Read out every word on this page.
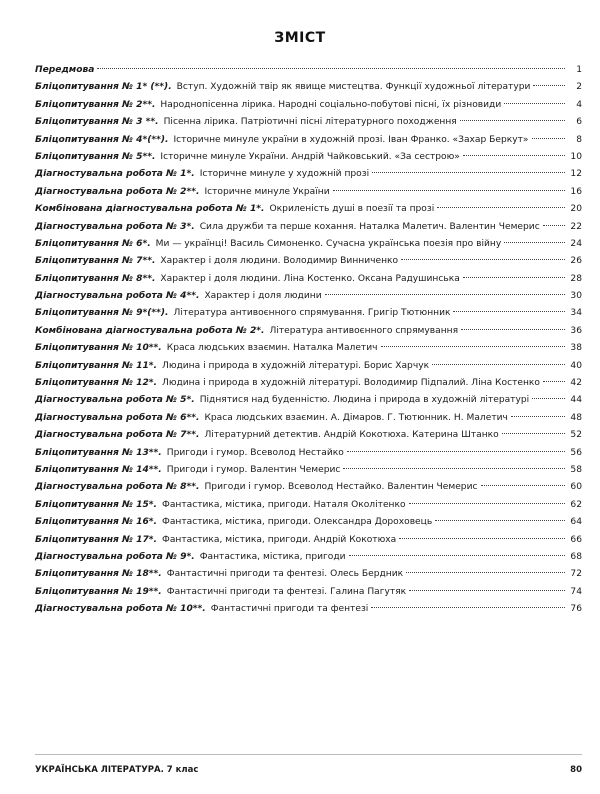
ЗМІСТ
Передмова	1
Бліцопитування № 1* (**). Вступ. Художній твір як явище мистецтва. Функції художньої літератури	2
Бліцопитування № 2**. Народнопісенна лірика. Народні соціально-побутові пісні, їх різновиди	4
Бліцопитування № 3 **. Пісенна лірика. Патріотичні пісні літературного походження	6
Бліцопитування № 4*(**). Історичне минуле україни в художній прозі. Іван Франко. «Захар Беркут»	8
Бліцопитування № 5**. Історичне минуле України. Андрій Чайковський. «За сестрою»	10
Діагностувальна робота № 1*. Історичне минуле у художній прозі	12
Діагностувальна робота № 2**. Історичне минуле України	16
Комбінована діагностувальна робота № 1*. Окриленість душі в поезії та прозі	20
Діагностувальна робота № 3*. Сила дружби та перше кохання. Наталка Малетич. Валентин Чемерис	22
Бліцопитування № 6*. Ми — українці! Василь Симоненко. Сучасна українська поезія про війну	24
Бліцопитування № 7**. Характер і доля людини. Володимир Винниченко	26
Бліцопитування № 8**. Характер і доля людини. Ліна Костенко. Оксана Радушинська	28
Діагностувальна робота № 4**. Характер і доля людини	30
Бліцопитування № 9*(**). Література антивоєнного спрямування. Григір Тютюнник	34
Комбінована діагностувальна робота № 2*. Література антивоєнного спрямування	36
Бліцопитування № 10**. Краса людських взаємин. Наталка Малетич	38
Бліцопитування № 11*. Людина і природа в художній літературі. Борис Харчук	40
Бліцопитування № 12*. Людина і природа в художній літературі. Володимир Підпалий. Ліна Костенко	42
Діагностувальна робота № 5*. Піднятися над буденністю. Людина і природа в художній літературі	44
Діагностувальна робота № 6**. Краса людських взаємин. А. Дімаров. Г. Тютюнник. Н. Малетич	48
Діагностувальна робота № 7**. Літературний детектив. Андрій Кокотюха. Катерина Штанко	52
Бліцопитування № 13**. Пригоди і гумор. Всеволод Нестайко	56
Бліцопитування № 14**. Пригоди і гумор. Валентин Чемерис	58
Діагностувальна робота № 8**. Пригоди і гумор. Всеволод Нестайко. Валентин Чемерис	60
Бліцопитування № 15*. Фантастика, містика, пригоди. Наталя Околітенко	62
Бліцопитування № 16*. Фантастика, містика, пригоди. Олександра Дороховець	64
Бліцопитування № 17*. Фантастика, містика, пригоди. Андрій Кокотюха	66
Діагностувальна робота № 9*. Фантастика, містика, пригоди	68
Бліцопитування № 18**. Фантастичні пригоди та фентезі. Олесь Бердник	72
Бліцопитування № 19**. Фантастичні пригоди та фентезі. Галина Пагутяк	74
Діагностувальна робота № 10**. Фантастичні пригоди та фентезі	76
УКРАЇНСЬКА ЛІТЕРАТУРА. 7 клас	80
